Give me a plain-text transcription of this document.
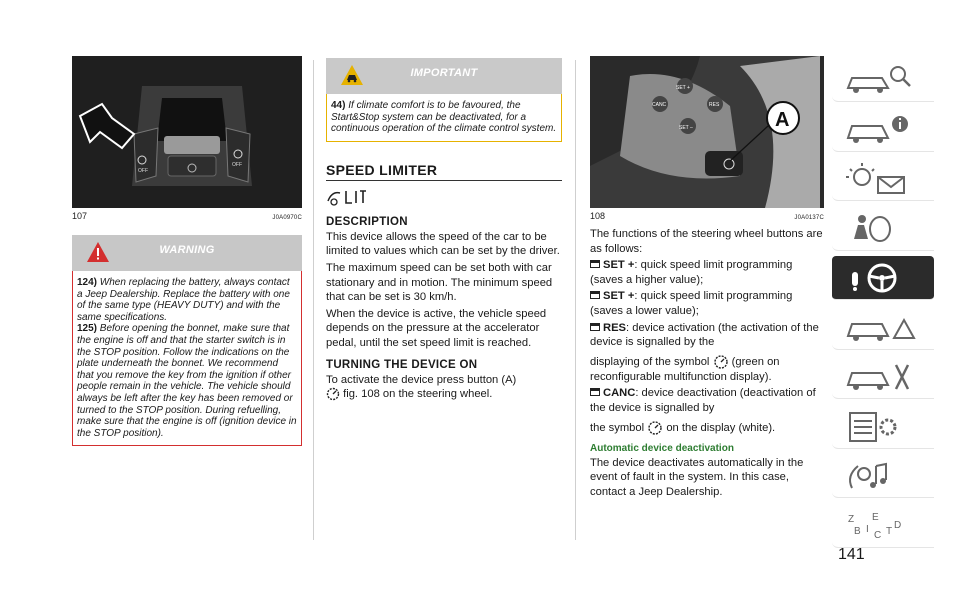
OFF
OFF
107	J0A0970C
WARNING

124) When replacing the battery, always contact a Jeep Dealership. Replace the battery with one of the same type (HEAVY DUTY) and with the same specifications.

125) Before opening the bonnet, make sure that the engine is off and that the starter switch is in the STOP position. Follow the indications on the plate underneath the bonnet. We recommend that you remove the key from the ignition if other people remain in the vehicle. The vehicle should always be left after the key has been removed or turned to the STOP position. During refuelling, make sure that the engine is off (ignition device in the STOP position).

IMPORTANT

44) If climate comfort is to be favoured, the Start&Stop system can be deactivated, for a continuous operation of the climate control system.

SPEED LIMITER
DESCRIPTION

This device allows the speed of the car to be limited to values which can be set by the driver.

The maximum speed can be set both with car stationary and in motion. The minimum speed that can be set is 30 km/h.

When the device is active, the vehicle speed depends on the pressure at the accelerator pedal, until the set speed limit is reached.

TURNING THE DEVICE ON

To activate the device press button (A)
fig. 108 on the steering wheel.

SET +
CANC	RES
SET –	A
108	J0A0137C

The functions of the steering wheel buttons are as follows:

SET +: quick speed limit programming (saves a higher value);

SET +: quick speed limit programming (saves a lower value);

RES: device activation (the activation of the device is signalled by the
displaying of the symbol (green on reconfigurable multifunction display).

CANC: device deactivation (deactivation of the device is signalled by
the symbol on the display (white).

Automatic device deactivation

The device deactivates automatically in the event of fault in the system. In this case, contact a Jeep Dealership.

Z E
B I
C T
D
141
